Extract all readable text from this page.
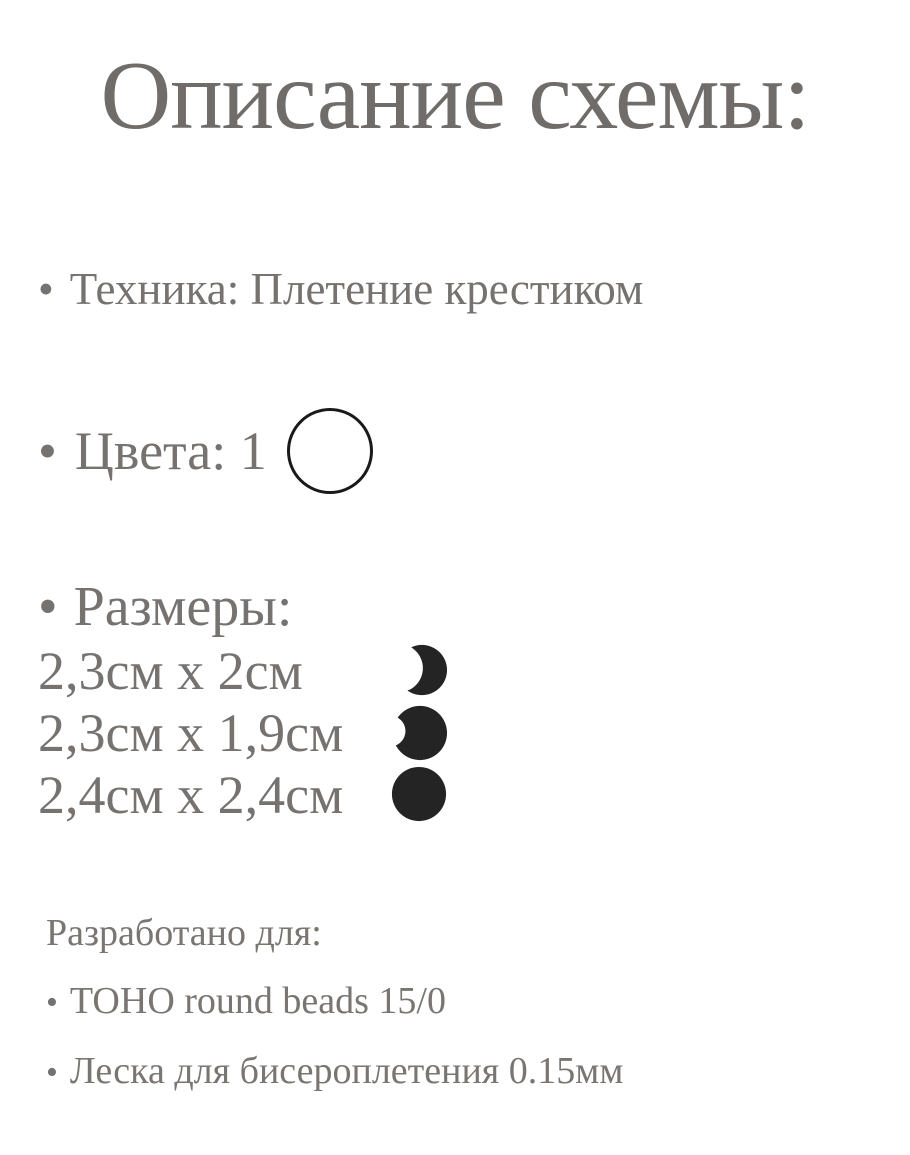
Описание схемы:
• Техника: Плетение крестиком
• Цвета: 1
• Размеры:
2,3см x 2см
2,3см x 1,9см
2,4см x 2,4см
Разработано для:
• TOHO round beads 15/0
• Леска для бисероплетения 0.15мм
